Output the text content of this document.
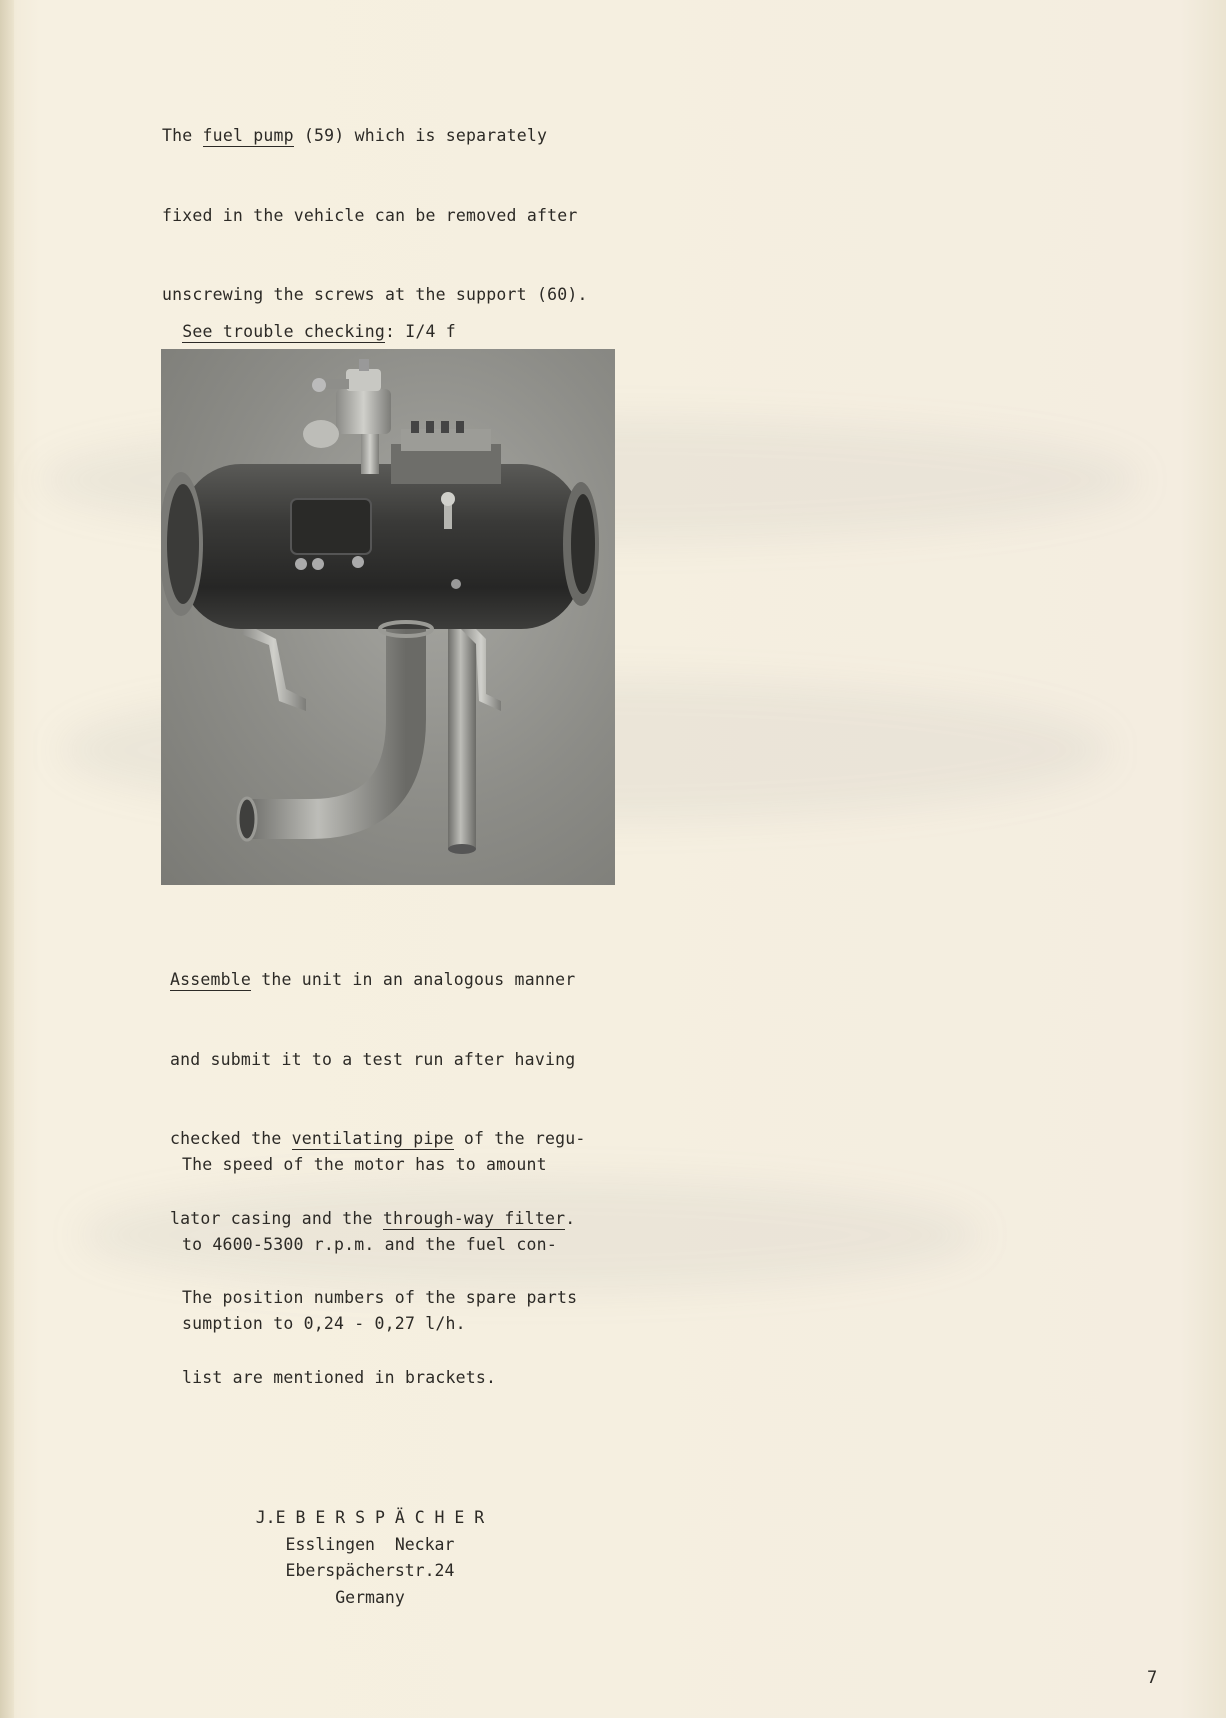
The fuel pump (59) which is separately

fixed in the vehicle can be removed after

unscrewing the screws at the support (60).

See trouble checking: I/4 f

Assemble the unit in an analogous manner

and submit it to a test run after having

checked the ventilating pipe of the regu-

lator casing and the through-way filter.

The speed of the motor has to amount

to 4600-5300 r.p.m. and the fuel con-

sumption to 0,24 - 0,27 l/h.

The position numbers of the spare parts

list are mentioned in brackets.

J.E B E R S P Ä C H E R
Esslingen  Neckar
Eberspächerstr.24
Germany
7
